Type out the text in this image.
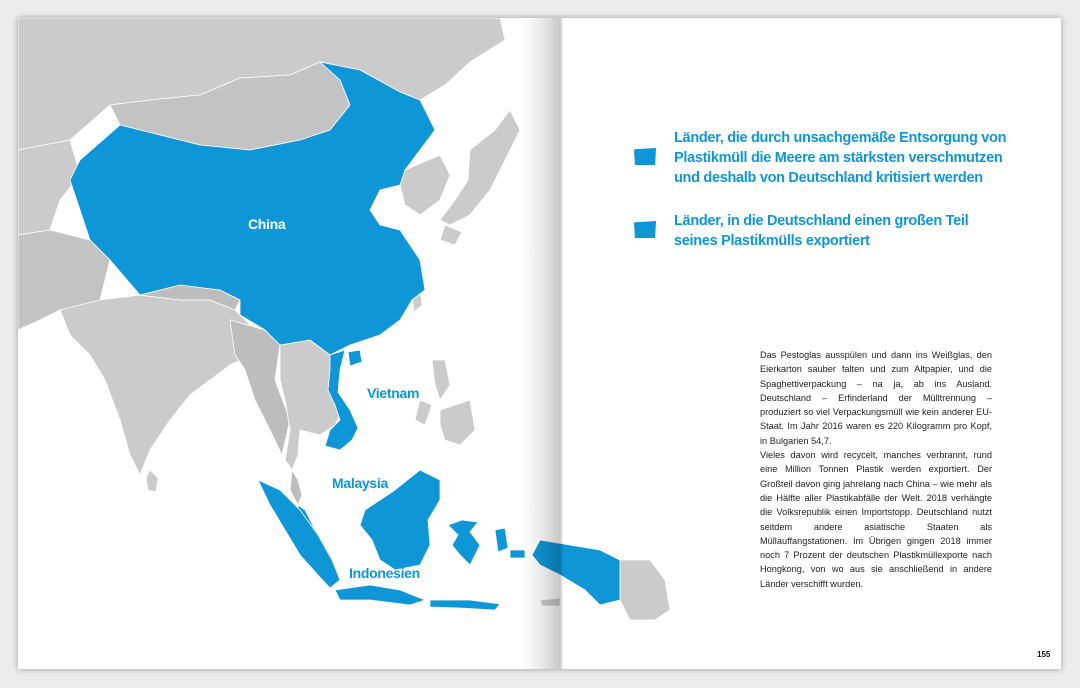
China
Vietnam
Malaysia
Indonesien
Länder, die durch unsachgemäße Entsorgung von Plastikmüll die Meere am stärksten verschmutzen und deshalb von Deutschland kritisiert werden
Länder, in die Deutschland einen großen Teil seines Plastikmülls exportiert

Das Pestoglas ausspülen und dann ins Weißglas, den Eierkarton sauber falten und zum Altpapier, und die Spaghettiverpackung – na ja, ab ins Ausland. Deutschland – Erfinderland der Mülltrennung – produziert so viel Verpackungsmüll wie kein anderer EU-Staat. Im Jahr 2016 waren es 220 Kilogramm pro Kopf, in Bulgarien 54,7.

Vieles davon wird recycelt, manches verbrannt, rund eine Million Tonnen Plastik werden exportiert. Der Großteil davon ging jahrelang nach China – wie mehr als die Hälfte aller Plastikabfälle der Welt. 2018 verhängte die Volksrepublik einen Importstopp. Deutschland nutzt seitdem andere asiatische Staaten als Müllauffangstationen. Im Übrigen gingen 2018 immer noch 7 Prozent der deutschen Plastikmüllexporte nach Hongkong, von wo aus sie anschließend in andere Länder verschifft wurden.

155
